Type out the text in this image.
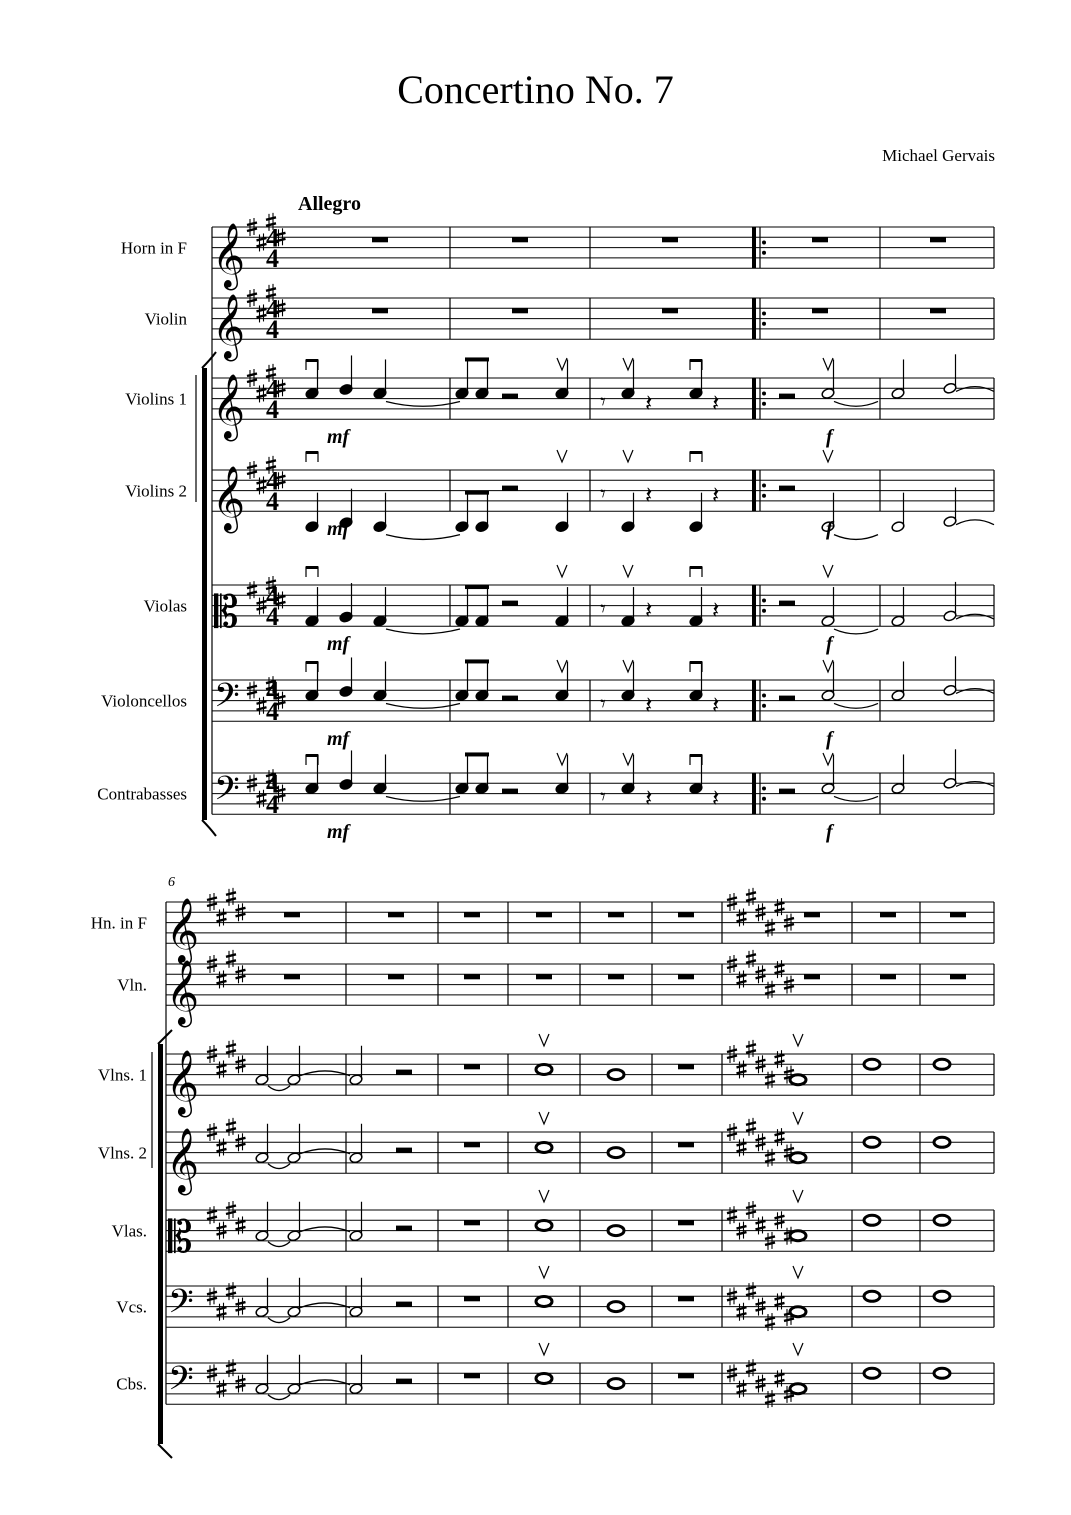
Concertino No. 7
Michael Gervais
Horn in F 𝄞 4
4
Violin 𝄞 4
4
Violins 1 𝄞 4
4
Violins 2 𝄞 4
4
Violas 𝄡 4
4
Violoncellos 𝄢 4
4
Contrabasses 𝄢 4
4
Allegro
𝄾 𝄽 𝄽
mf	f
𝄾 𝄽 𝄽
mf	f
𝄾 𝄽 𝄽
mf	f
𝄾 𝄽 𝄽
mf	f
𝄾 𝄽 𝄽
mf	f
6
Hn. in F 𝄞
Vln. 𝄞
Vlns. 1 𝄞
Vlns. 2 𝄞
Vlas. 𝄡
Vcs. 𝄢
Cbs. 𝄢
